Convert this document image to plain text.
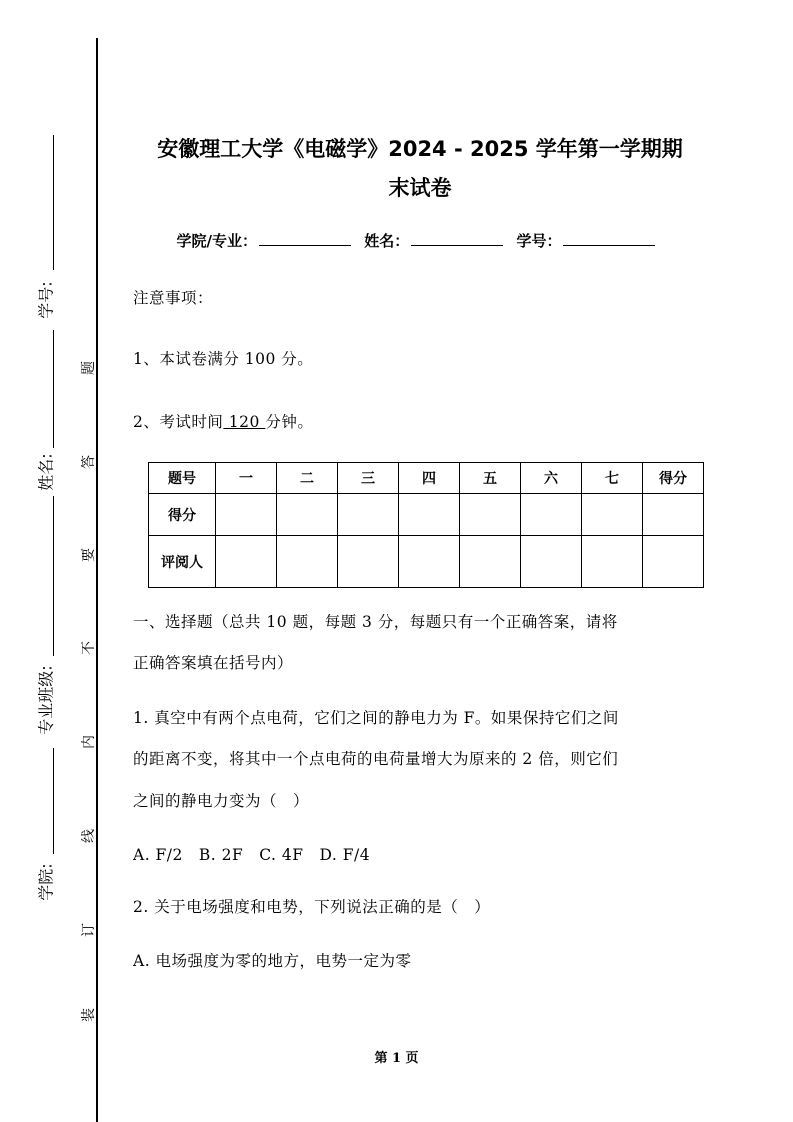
学号:
姓名:
专业班级:
学院:
题
答
要
不
内
线
订
装
安徽理工大学《电磁学》2024 - 2025 学年第一学期期
末试卷
学院/专业：	姓名：	学号：
注意事项：
1、本试卷满分 100 分。
2、考试时间 120 分钟。
题号	一	二	三	四	五	六	七	得分
得分								
评阅人								
一、选择题（总共 10 题，每题 3 分，每题只有一个正确答案，请将
正确答案填在括号内）
1. 真空中有两个点电荷，它们之间的静电力为 F。如果保持它们之间
的距离不变，将其中一个点电荷的电荷量增大为原来的 2 倍，则它们
之间的静电力变为（　）
A. F/2　B. 2F　C. 4F　D. F/4
2. 关于电场强度和电势，下列说法正确的是（　）
A. 电场强度为零的地方，电势一定为零
第 1 页
